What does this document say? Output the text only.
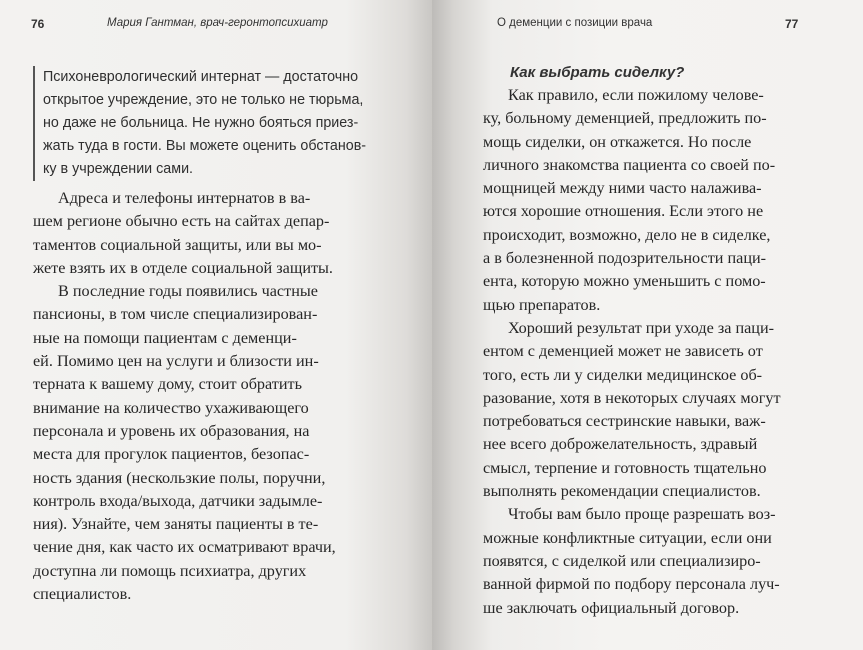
76	Мария Гантман, врач-геронтопсихиатр
Психоневрологический интернат — достаточно
открытое учреждение, это не только не тюрьма,
но даже не больница. Не нужно бояться приез-
жать туда в гости. Вы можете оценить обстанов-
ку в учреждении сами.
Адреса и телефоны интернатов в ва-
шем регионе обычно есть на сайтах депар-
таментов социальной защиты, или вы мо-
жете взять их в отделе социальной защиты.
В последние годы появились частные
пансионы, в том числе специализирован-
ные на помощи пациентам с деменци-
ей. Помимо цен на услуги и близости ин-
терната к вашему дому, стоит обратить
внимание на количество ухаживающего
персонала и уровень их образования, на
места для прогулок пациентов, безопас-
ность здания (нескользкие полы, поручни,
контроль входа/выхода, датчики задымле-
ния). Узнайте, чем заняты пациенты в те-
чение дня, как часто их осматривают врачи,
доступна ли помощь психиатра, других
специалистов.
О деменции с позиции врача	77
Как выбрать сиделку?
Как правило, если пожилому челове-
ку, больному деменцией, предложить по-
мощь сиделки, он откажется. Но после
личного знакомства пациента со своей по-
мощницей между ними часто налажива-
ются хорошие отношения. Если этого не
происходит, возможно, дело не в сиделке,
а в болезненной подозрительности паци-
ента, которую можно уменьшить с помо-
щью препаратов.
Хороший результат при уходе за паци-
ентом с деменцией может не зависеть от
того, есть ли у сиделки медицинское об-
разование, хотя в некоторых случаях могут
потребоваться сестринские навыки, важ-
нее всего доброжелательность, здравый
смысл, терпение и готовность тщательно
выполнять рекомендации специалистов.
Чтобы вам было проще разрешать воз-
можные конфликтные ситуации, если они
появятся, с сиделкой или специализиро-
ванной фирмой по подбору персонала луч-
ше заключать официальный договор.
